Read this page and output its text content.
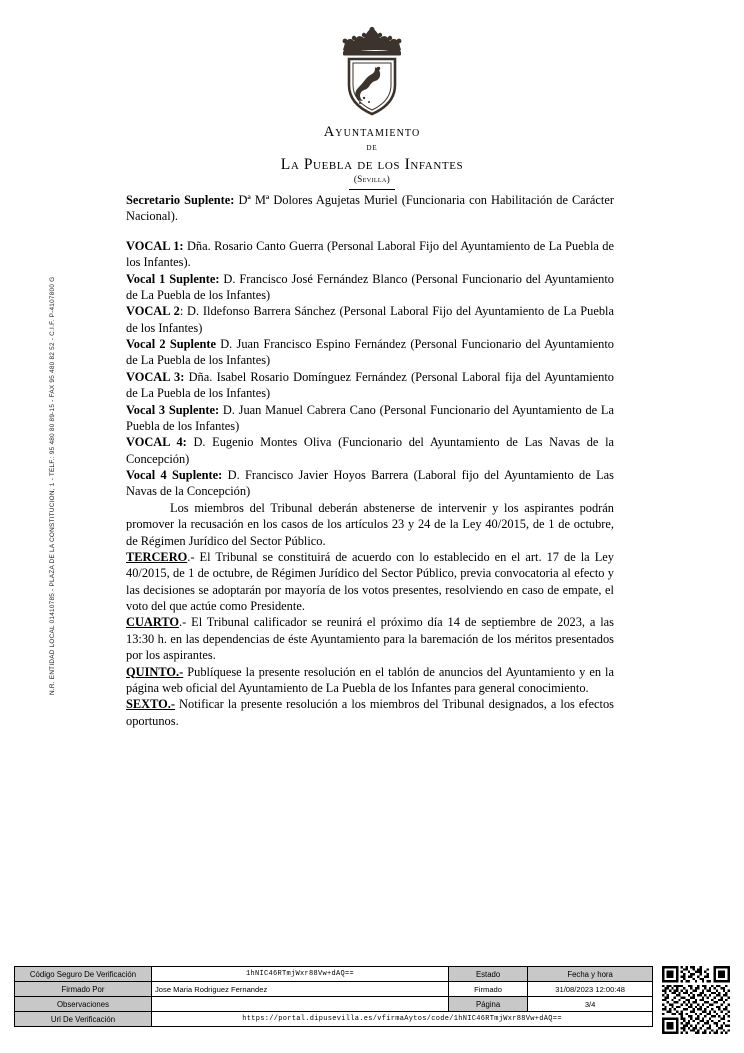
N.R. ENTIDAD LOCAL 01410785 - PLAZA DE LA CONSTITUCION, 1 - TELF.: 95 480 80 89-15 - FAX 95 480 82 52 - C.I.F. P-4107800 G
Ayuntamiento
de
La Puebla de los Infantes
(Sevilla)

Secretario Suplente: Dª Mª Dolores Agujetas Muriel (Funcionaria con Habilitación de Carácter Nacional).

VOCAL 1: Dña. Rosario Canto Guerra (Personal Laboral Fijo del Ayuntamiento de La Puebla de los Infantes).

Vocal 1 Suplente: D. Francisco José Fernández Blanco (Personal Funcionario del Ayuntamiento de La Puebla de los Infantes)

VOCAL 2: D. Ildefonso Barrera Sánchez (Personal Laboral Fijo del Ayuntamiento de La Puebla de los Infantes)

Vocal 2 Suplente D. Juan Francisco Espino Fernández (Personal Funcionario del Ayuntamiento de La Puebla de los Infantes)

VOCAL 3: Dña. Isabel Rosario Domínguez Fernández (Personal Laboral fija del Ayuntamiento de La Puebla de los Infantes)

Vocal 3 Suplente: D. Juan Manuel Cabrera Cano (Personal Funcionario del Ayuntamiento de La Puebla de los Infantes)

VOCAL 4: D. Eugenio Montes Oliva (Funcionario del Ayuntamiento de Las Navas de la Concepción)

Vocal 4 Suplente: D. Francisco Javier Hoyos Barrera (Laboral fijo del Ayuntamiento de Las Navas de la Concepción)

Los miembros del Tribunal deberán abstenerse de intervenir y los aspirantes podrán promover la recusación en los casos de los artículos 23 y 24 de la Ley 40/2015, de 1 de octubre, de Régimen Jurídico del Sector Público.

TERCERO.- El Tribunal se constituirá de acuerdo con lo establecido en el art. 17 de la Ley 40/2015, de 1 de octubre, de Régimen Jurídico del Sector Público, previa convocatoria al efecto y las decisiones se adoptarán por mayoría de los votos presentes, resolviendo en caso de empate, el voto del que actúe como Presidente.

CUARTO.- El Tribunal calificador se reunirá el próximo día 14 de septiembre de 2023, a las 13:30 h. en las dependencias de éste Ayuntamiento para la baremación de los méritos presentados por los aspirantes.

QUINTO.- Publíquese la presente resolución en el tablón de anuncios del Ayuntamiento y en la página web oficial del Ayuntamiento de La Puebla de los Infantes para general conocimiento.

SEXTO.- Notificar la presente resolución a los miembros del Tribunal designados, a los efectos oportunos.

Código Seguro De Verificación	1hNIC46RTmjWxr88Vw+dAQ==	Estado	Fecha y hora
Firmado Por	Jose Maria Rodriguez Fernandez	Firmado	31/08/2023 12:00:48
Observaciones		Página	3/4
Url De Verificación	https://portal.dipusevilla.es/vfirmaAytos/code/1hNIC46RTmjWxr88Vw+dAQ==		
